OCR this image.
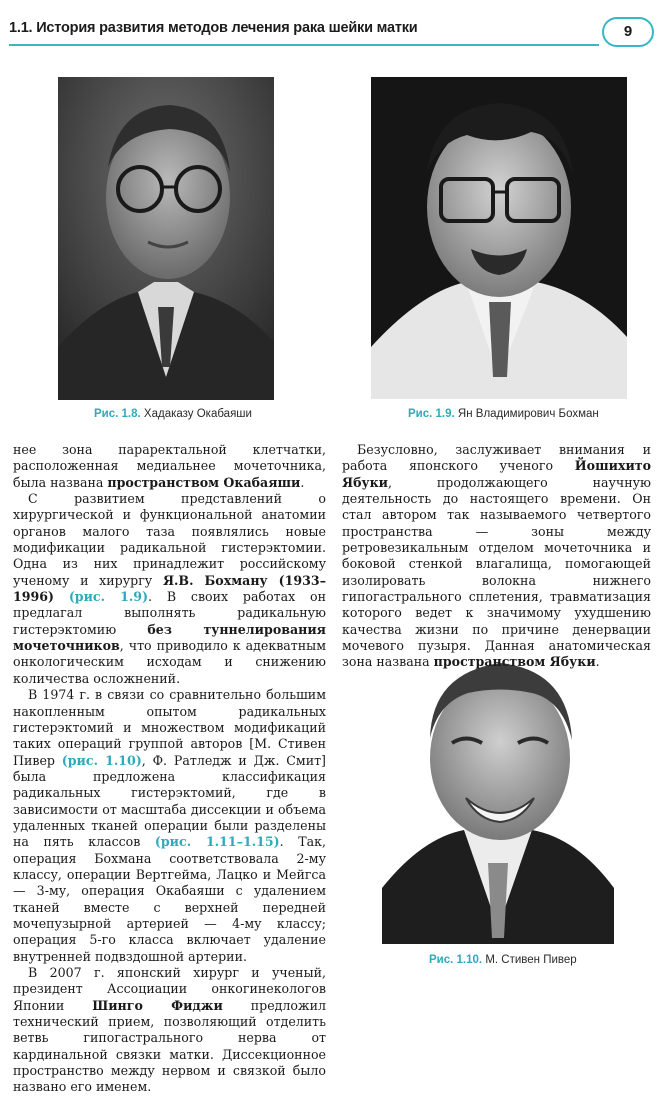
1.1. История развития методов лечения рака шейки матки	9
Рис. 1.8. Хадаказу Окабаяши	Рис. 1.9. Ян Владимирович Бохман
Рис. 1.10. М. Стивен Пивер

нее зона параректальной клетчатки, расположенная медиальнее мочеточника, была названа пространством Окабаяши.

С развитием представлений о хирургической и функциональной анатомии органов малого таза появлялись новые модификации радикальной гистерэктомии. Одна из них принадлежит российскому ученому и хирургу Я.В. Бохману (1933–1996) (рис. 1.9). В своих работах он предлагал выполнять радикальную гистерэктомию без туннелирования мочеточников, что приводило к адекватным онкологическим исходам и снижению количества осложнений.

В 1974 г. в связи со сравнительно большим накопленным опытом радикальных гистерэктомий и множеством модификаций таких операций группой авторов [М. Стивен Пивер (рис. 1.10), Ф. Ратледж и Дж. Смит] была предложена классификация радикальных гистерэктомий, где в зависимости от масштаба диссекции и объема удаленных тканей операции были разделены на пять классов (рис. 1.11–1.15). Так, операция Бохмана соответствовала 2-му классу, операции Вертгейма, Лацко и Мейгса — 3-му, операция Окабаяши с удалением тканей вместе с верхней передней мочепузырной артерией — 4-му классу; операция 5-го класса включает удаление внутренней подвздошной артерии.

В 2007 г. японский хирург и ученый, президент Ассоциации онкогинекологов Японии Шинго Фиджи предложил технический прием, позволяющий отделить ветвь гипогастрального нерва от кардинальной связки матки. Диссекционное пространство между нервом и связкой было названо его именем.

Безусловно, заслуживает внимания и работа японского ученого Йошихито Ябуки, продолжающего научную деятельность до настоящего времени. Он стал автором так называемого четвертого пространства — зоны между ретровезикальным отделом мочеточника и боковой стенкой влагалища, помогающей изолировать волокна нижнего гипогастрального сплетения, травматизация которого ведет к значимому ухудшению качества жизни по причине денервации мочевого пузыря. Данная анатомическая зона названа пространством Ябуки.
